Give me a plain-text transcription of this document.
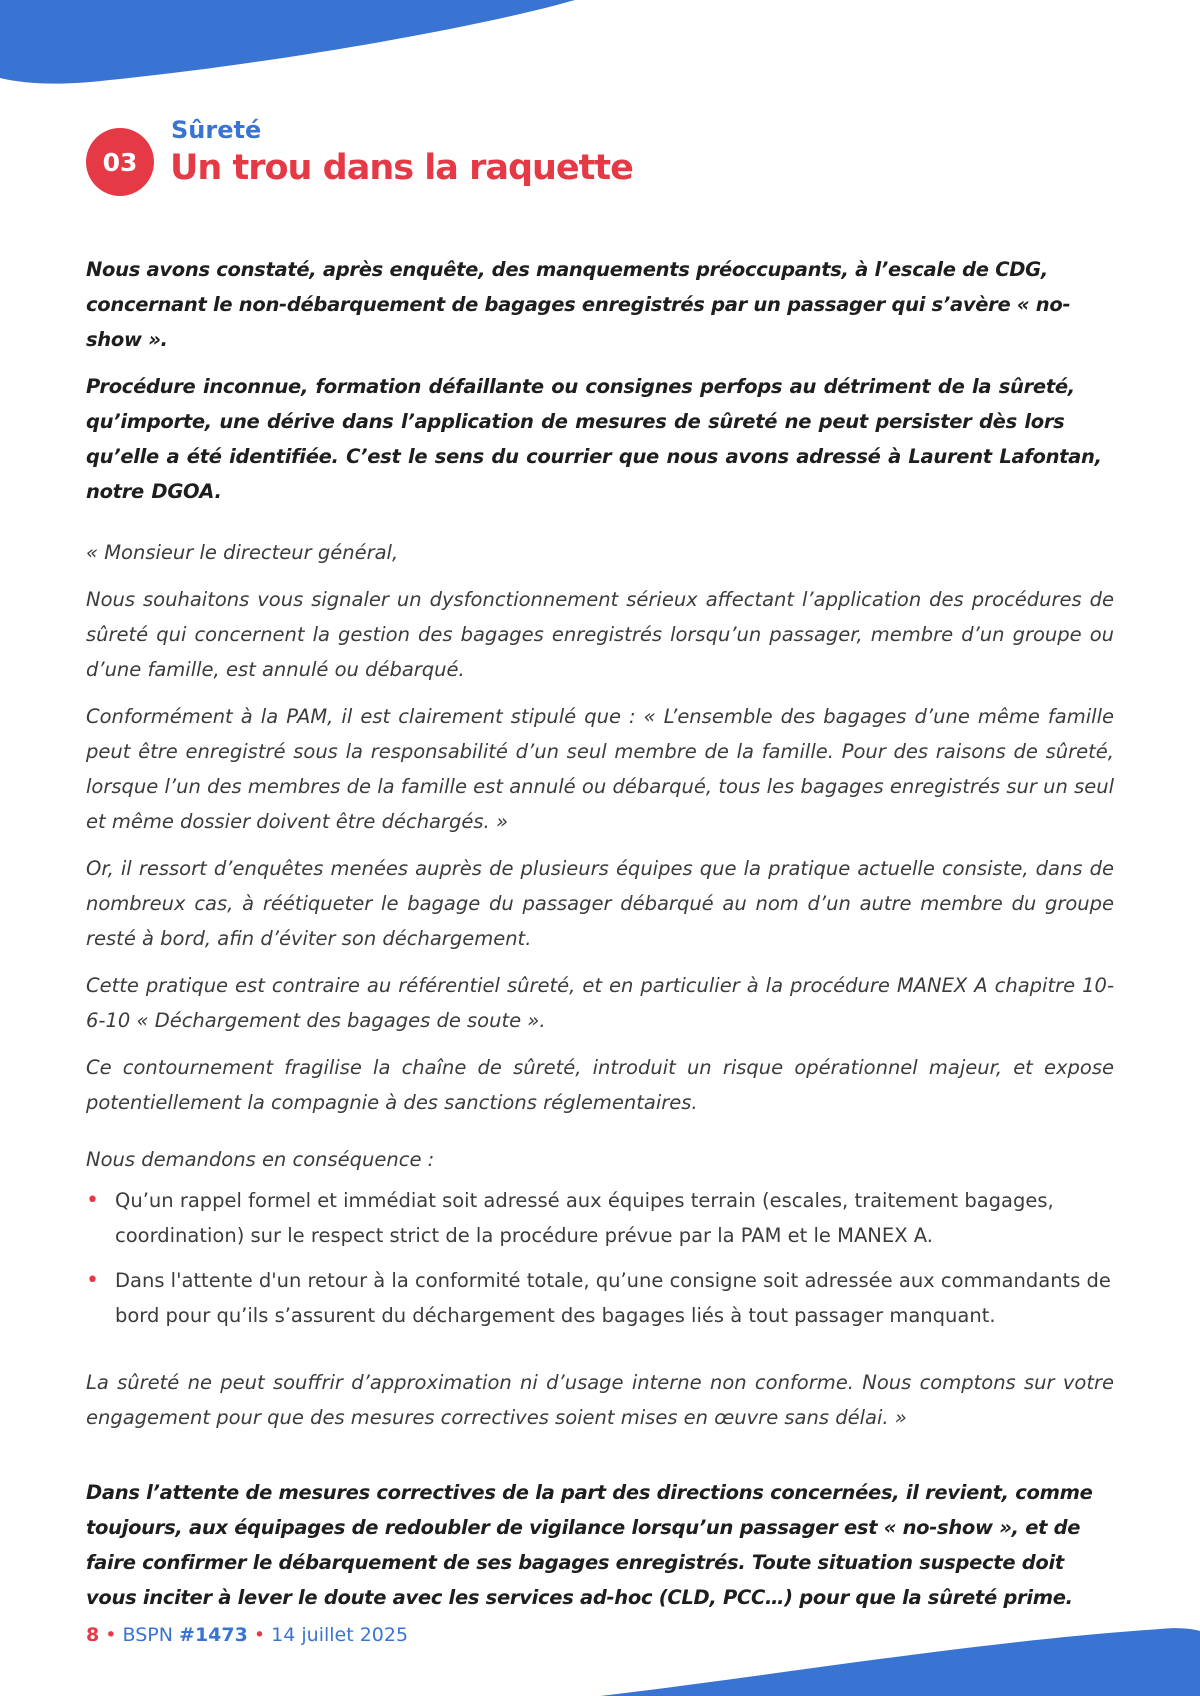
03
Sûreté
Un trou dans la raquette

Nous avons constaté, après enquête, des manquements préoccupants, à l’escale de CDG, concernant le non-débarquement de bagages enregistrés par un passager qui s’avère « no-show ».

Procédure inconnue, formation défaillante ou consignes perfops au détriment de la sûreté, qu’importe, une dérive dans l’application de mesures de sûreté ne peut persister dès lors qu’elle a été identifiée. C’est le sens du courrier que nous avons adressé à Laurent Lafontan, notre DGOA.

« Monsieur le directeur général,

Nous souhaitons vous signaler un dysfonctionnement sérieux affectant l’application des procédures de sûreté qui concernent la gestion des bagages enregistrés lorsqu’un passager, membre d’un groupe ou d’une famille, est annulé ou débarqué.

Conformément à la PAM, il est clairement stipulé que : « L’ensemble des bagages d’une même famille peut être enregistré sous la responsabilité d’un seul membre de la famille. Pour des raisons de sûreté, lorsque l’un des membres de la famille est annulé ou débarqué, tous les bagages enregistrés sur un seul et même dossier doivent être déchargés. »

Or, il ressort d’enquêtes menées auprès de plusieurs équipes que la pratique actuelle consiste, dans de nombreux cas, à réétiqueter le bagage du passager débarqué au nom d’un autre membre du groupe resté à bord, afin d’éviter son déchargement.

Cette pratique est contraire au référentiel sûreté, et en particulier à la procédure MANEX A chapitre 10-6-10 « Déchargement des bagages de soute ».

Ce contournement fragilise la chaîne de sûreté, introduit un risque opérationnel majeur, et expose potentiellement la compagnie à des sanctions réglementaires.

Nous demandons en conséquence :

• Qu’un rappel formel et immédiat soit adressé aux équipes terrain (escales, traitement bagages, coordination) sur le respect strict de la procédure prévue par la PAM et le MANEX A.
• Dans l'attente d'un retour à la conformité totale, qu’une consigne soit adressée aux commandants de bord pour qu’ils s’assurent du déchargement des bagages liés à tout passager manquant.

La sûreté ne peut souffrir d’approximation ni d’usage interne non conforme. Nous comptons sur votre engagement pour que des mesures correctives soient mises en œuvre sans délai. »

Dans l’attente de mesures correctives de la part des directions concernées, il revient, comme toujours, aux équipages de redoubler de vigilance lorsqu’un passager est « no-show », et de faire confirmer le débarquement de ses bagages enregistrés. Toute situation suspecte doit vous inciter à lever le doute avec les services ad-hoc (CLD, PCC…) pour que la sûreté prime.

8 • BSPN #1473 • 14 juillet 2025
